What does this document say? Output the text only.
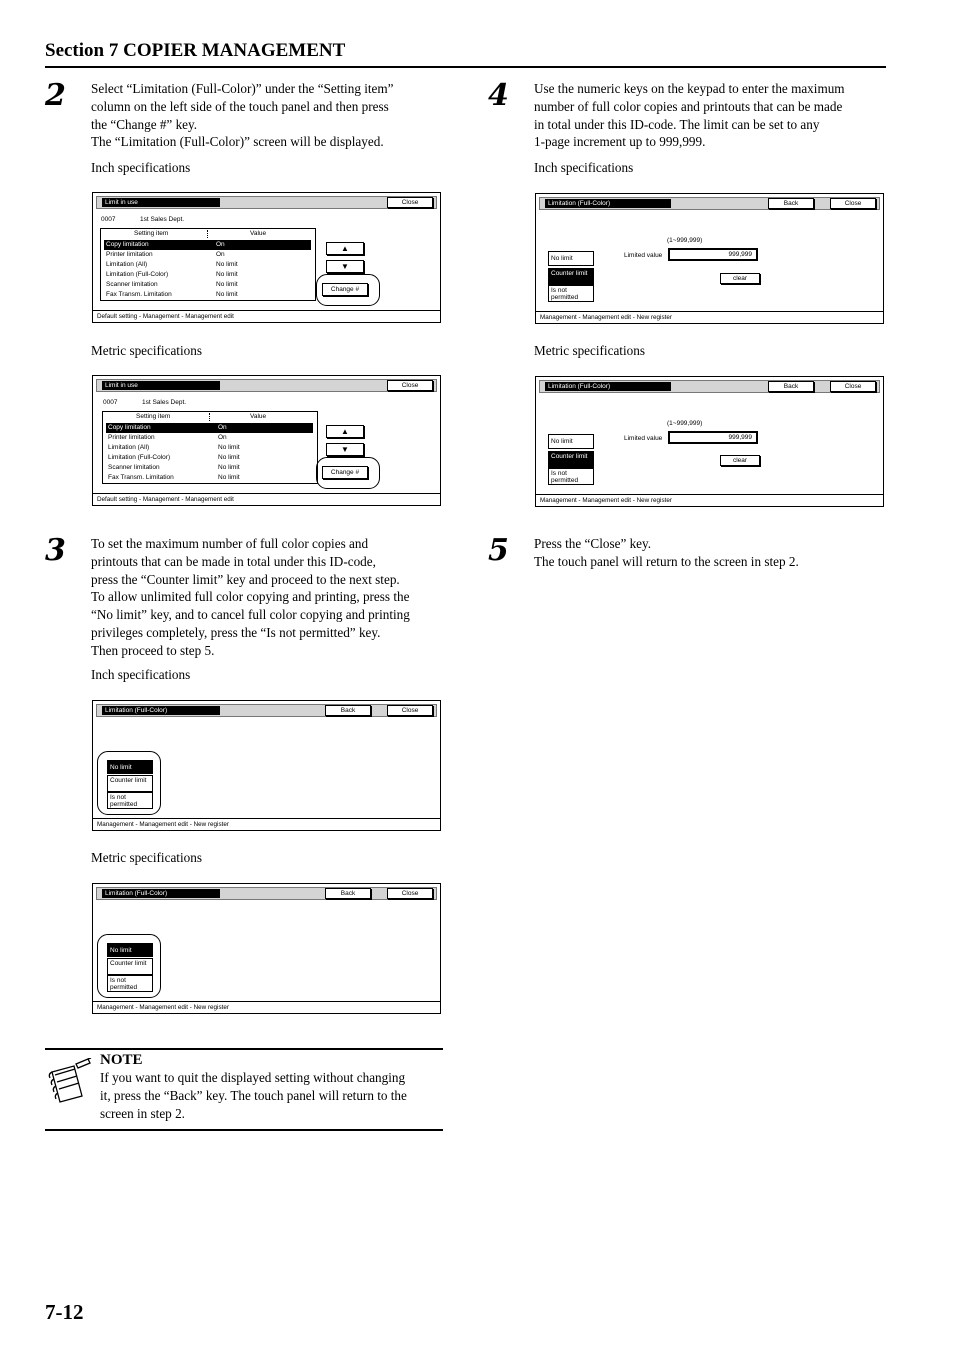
Section 7 COPIER MANAGEMENT
2 Select “Limitation (Full-Color)” under the “Setting item”

column on the left side of the touch panel and then press

the “Change #” key.

The “Limitation (Full-Color)” screen will be displayed.

Inch specifications
Limit in use	Close
0007	1st Sales Dept.
Setting item	Value
Copy limitation	On
Printer limitation	On
Limitation (All)	No limit
Limitation (Full-Color)	No limit
Scanner limitation	No limit
Fax Transm. Limitation	No limit
▲
▼
Change #
Default setting - Management - Management edit
Metric specifications
Limit in use	Close
0007	1st Sales Dept.
Setting item	Value
Copy limitation	On
Printer limitation	On
Limitation (All)	No limit
Limitation (Full-Color)	No limit
Scanner limitation	No limit
Fax Transm. Limitation	No limit
▲
▼
Change #
Default setting - Management - Management edit
3 To set the maximum number of full color copies and

printouts that can be made in total under this ID-code,

press the “Counter limit” key and proceed to the next step.

To allow unlimited full color copying and printing, press the

“No limit” key, and to cancel full color copying and printing

privileges completely, press the “Is not permitted” key.

Then proceed to step 5.

Inch specifications
Limitation (Full-Color)	Back	Close
No limit
Counter limit
Is not permitted
Management - Management edit - New register
Metric specifications
Limitation (Full-Color)	Back	Close
No limit
Counter limit
Is not permitted
Management - Management edit - New register
NOTE
If you want to quit the displayed setting without changing
it, press the “Back” key. The touch panel will return to the
screen in step 2.
4 Use the numeric keys on the keypad to enter the maximum

number of full color copies and printouts that can be made

in total under this ID-code. The limit can be set to any

1-page increment up to 999,999.

Inch specifications
Limitation (Full-Color)	Back	Close
(1~999,999)
Limited value	999,999
clear
No limit
Counter limit
Is not permitted
Management - Management edit - New register
Metric specifications
Limitation (Full-Color)	Back	Close
(1~999,999)
Limited value	999,999
clear
No limit
Counter limit
Is not permitted
Management - Management edit - New register
5 Press the “Close” key.

The touch panel will return to the screen in step 2.

7-12
